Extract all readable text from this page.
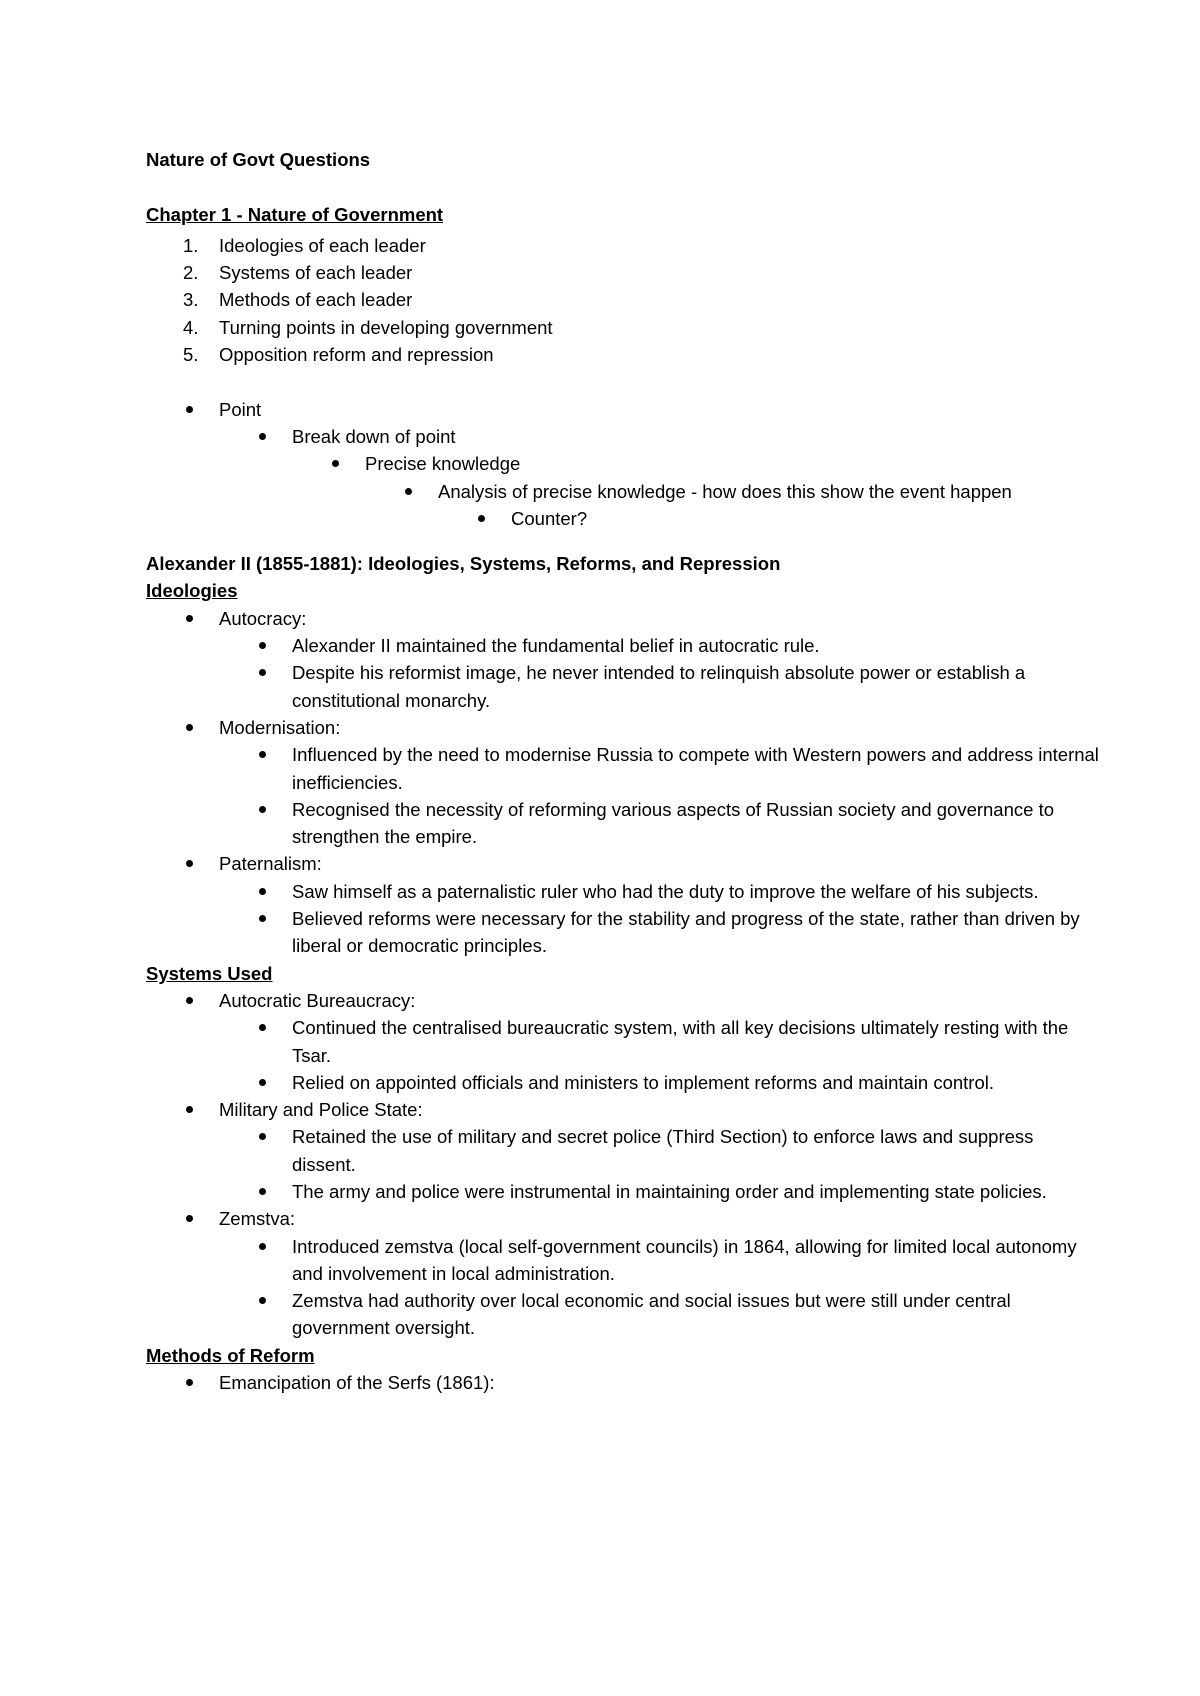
Nature of Govt Questions

Chapter 1 - Nature of Government

1. Ideologies of each leader
2. Systems of each leader
3. Methods of each leader
4. Turning points in developing government
5. Opposition reform and repression
Point
Break down of point
Precise knowledge
Analysis of precise knowledge - how does this show the event happen
Counter?

Alexander II (1855-1881): Ideologies, Systems, Reforms, and Repression

Ideologies

Autocracy:
Alexander II maintained the fundamental belief in autocratic rule.
Despite his reformist image, he never intended to relinquish absolute power or establish a constitutional monarchy.
Modernisation:
Influenced by the need to modernise Russia to compete with Western powers and address internal inefficiencies.
Recognised the necessity of reforming various aspects of Russian society and governance to strengthen the empire.
Paternalism:
Saw himself as a paternalistic ruler who had the duty to improve the welfare of his subjects.
Believed reforms were necessary for the stability and progress of the state, rather than driven by liberal or democratic principles.

Systems Used

Autocratic Bureaucracy:
Continued the centralised bureaucratic system, with all key decisions ultimately resting with the Tsar.
Relied on appointed officials and ministers to implement reforms and maintain control.
Military and Police State:
Retained the use of military and secret police (Third Section) to enforce laws and suppress dissent.
The army and police were instrumental in maintaining order and implementing state policies.
Zemstva:
Introduced zemstva (local self-government councils) in 1864, allowing for limited local autonomy and involvement in local administration.
Zemstva had authority over local economic and social issues but were still under central government oversight.

Methods of Reform

Emancipation of the Serfs (1861):
